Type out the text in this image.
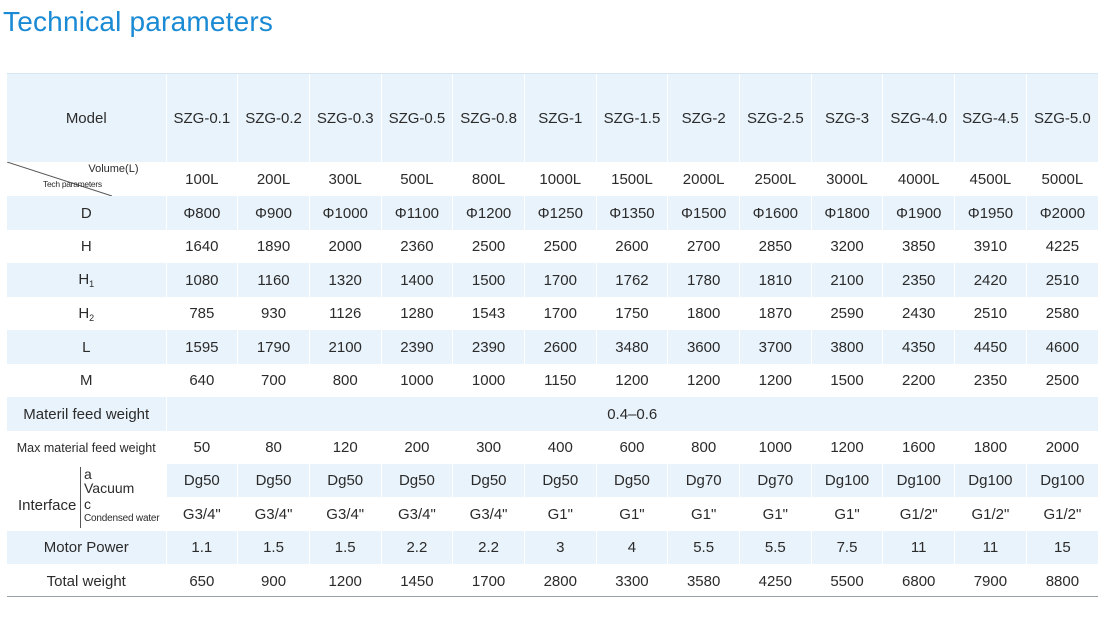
Technical parameters
Model	SZG-0.1	SZG-0.2	SZG-0.3	SZG-0.5	SZG-0.8	SZG-1	SZG-1.5	SZG-2	SZG-2.5	SZG-3	SZG-4.0	SZG-4.5	SZG-5.0

Volume(L)
Tech parameters	100L	200L	300L	500L	800L	1000L	1500L	2000L	2500L	3000L	4000L	4500L	5000L
D	Φ800	Φ900	Φ1000	Φ1100	Φ1200	Φ1250	Φ1350	Φ1500	Φ1600	Φ1800	Φ1900	Φ1950	Φ2000
H	1640	1890	2000	2360	2500	2500	2600	2700	2850	3200	3850	3910	4225
$H_1$	1080	1160	1320	1400	1500	1700	1762	1780	1810	2100	2350	2420	2510
$H_2$	785	930	1126	1280	1543	1700	1750	1800	1870	2590	2430	2510	2580
L	1595	1790	2100	2390	2390	2600	3480	3600	3700	3800	4350	4450	4600
M	640	700	800	1000	1000	1150	1200	1200	1200	1500	2200	2350	2500
Materil feed weight	0.4–0.6												
Max material feed weight	50	80	120	200	300	400	600	800	1000	1200	1600	1800	2000

Interface
a
Vacuum
c
Condensed water	Dg50	Dg50	Dg50	Dg50	Dg50	Dg50	Dg50	Dg70	Dg70	Dg100	Dg100	Dg100	Dg100
	G3/4"	G3/4"	G3/4"	G3/4"	G3/4"	G1"	G1"	G1"	G1"	G1"	G1/2"	G1/2"	G1/2"
Motor Power	1.1	1.5	1.5	2.2	2.2	3	4	5.5	5.5	7.5	11	11	15
Total weight	650	900	1200	1450	1700	2800	3300	3580	4250	5500	6800	7900	8800
